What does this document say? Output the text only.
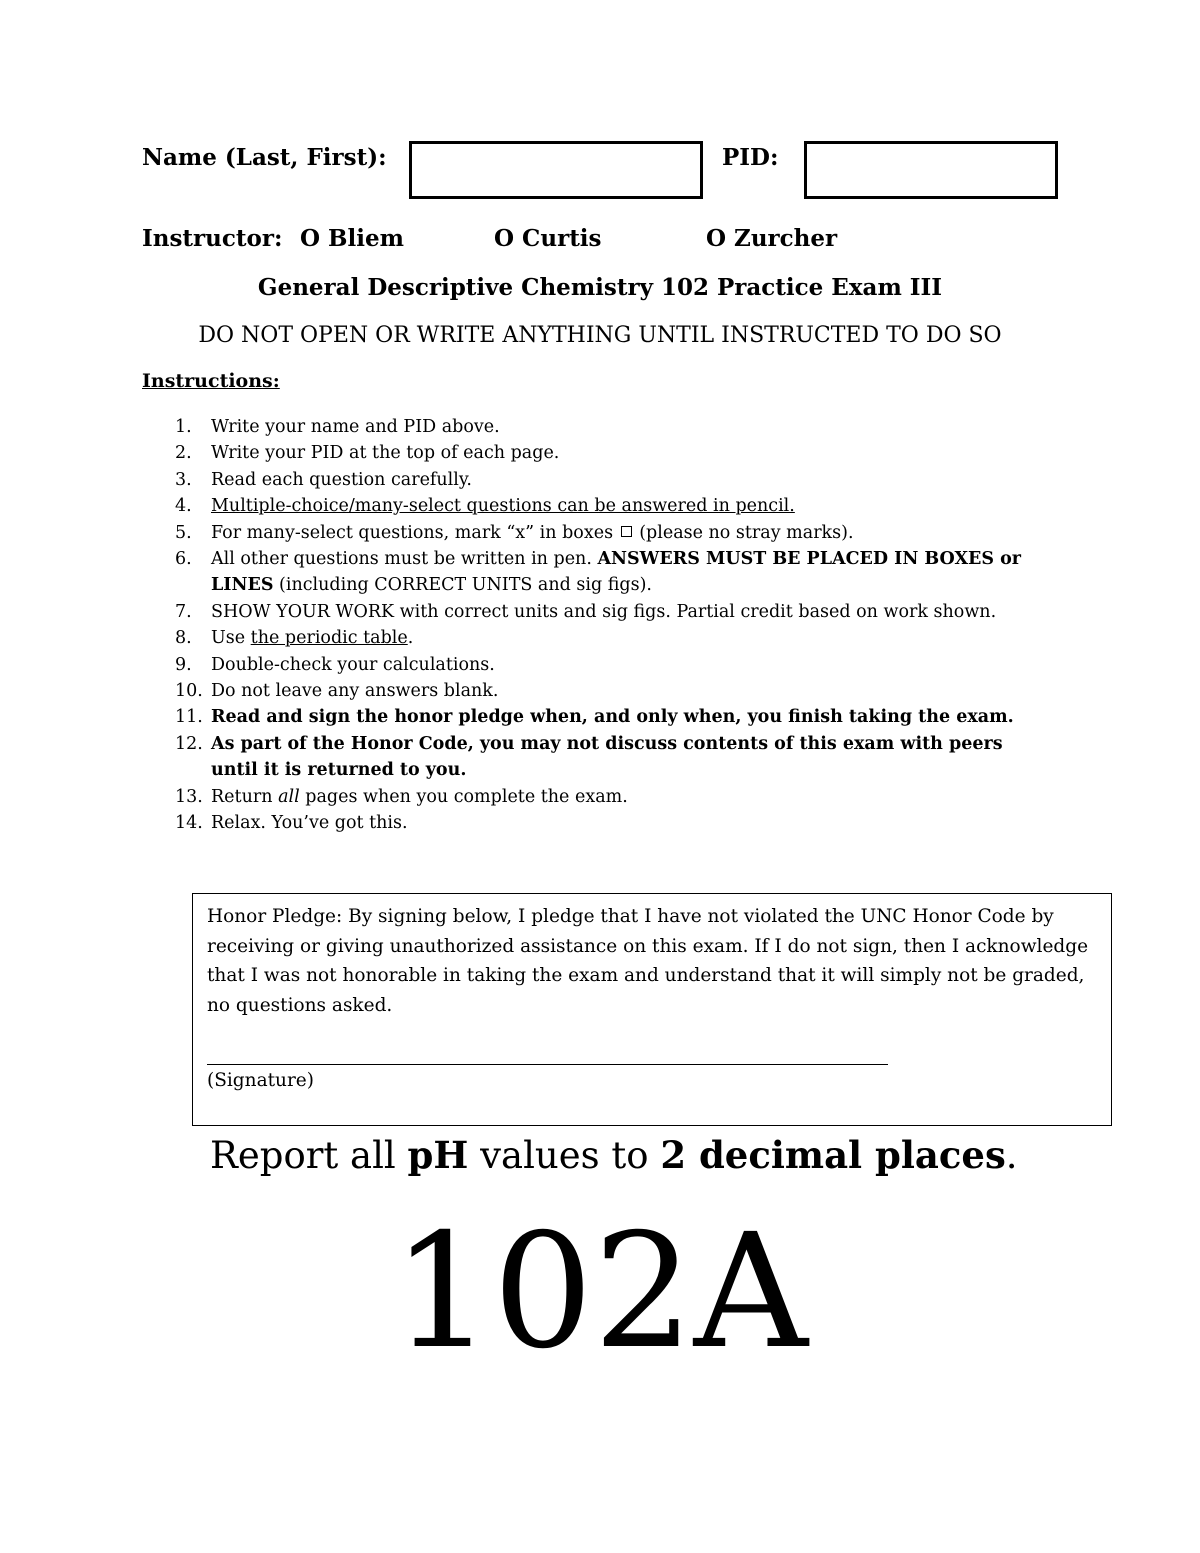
Name (Last, First):	PID:
Instructor: O Bliem	O Curtis	O Zurcher
General Descriptive Chemistry 102 Practice Exam III
DO NOT OPEN OR WRITE ANYTHING UNTIL INSTRUCTED TO DO SO
Instructions:
1. Write your name and PID above.
2. Write your PID at the top of each page.
3. Read each question carefully.
4. Multiple-choice/many-select questions can be answered in pencil.
5. For many-select questions, mark “x” in boxes (please no stray marks).
6. All other questions must be written in pen. ANSWERS MUST BE PLACED IN BOXES or LINES (including CORRECT UNITS and sig figs).
7. SHOW YOUR WORK with correct units and sig figs. Partial credit based on work shown.
8. Use the periodic table.
9. Double-check your calculations.
10. Do not leave any answers blank.
11. Read and sign the honor pledge when, and only when, you finish taking the exam.
12. As part of the Honor Code, you may not discuss contents of this exam with peers until it is returned to you.
13. Return all pages when you complete the exam.
14. Relax. You’ve got this.
Honor Pledge: By signing below, I pledge that I have not violated the UNC Honor Code by receiving or giving unauthorized assistance on this exam. If I do not sign, then I acknowledge that I was not honorable in taking the exam and understand that it will simply not be graded, no questions asked.
(Signature)
Report all pH values to 2 decimal places.
102A
